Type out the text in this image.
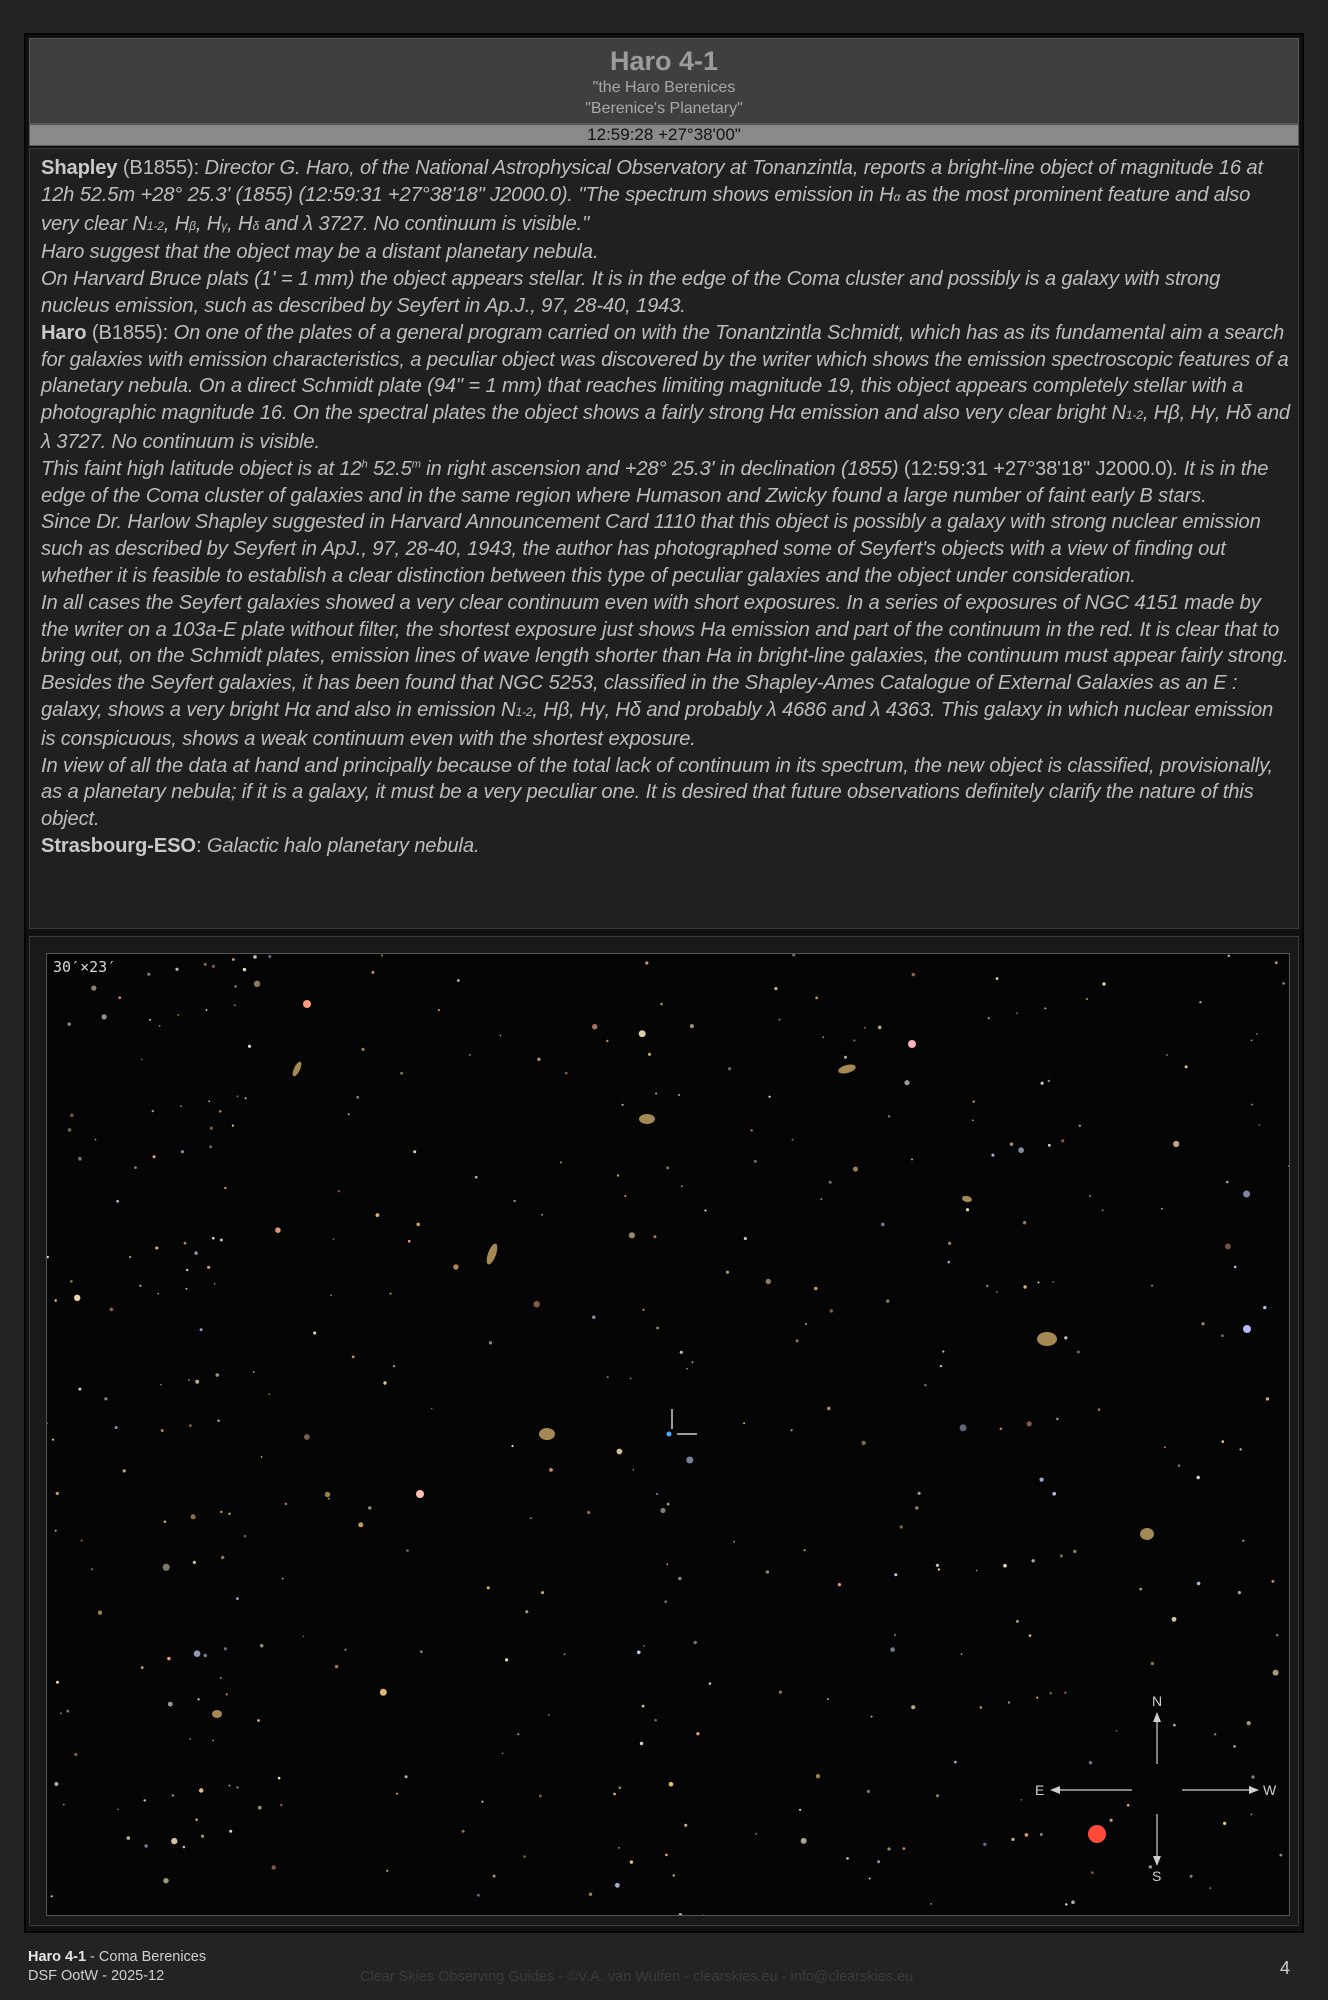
Haro 4-1
"the Haro Berenices
"Berenice's Planetary"
12:59:28 +27°38'00"

Shapley (B1855): Director G. Haro, of the National Astrophysical Observatory at Tonanzintla, reports a bright-line object of magnitude 16 at 12h 52.5m +28° 25.3' (1855) (12:59:31 +27°38'18" J2000.0). "The spectrum shows emission in Hα as the most prominent feature and also very clear N1-2, Hβ, Hγ, Hδ and λ 3727. No continuum is visible."

Haro suggest that the object may be a distant planetary nebula.

On Harvard Bruce plats (1' = 1 mm) the object appears stellar. It is in the edge of the Coma cluster and possibly is a galaxy with strong nucleus emission, such as described by Seyfert in Ap.J., 97, 28-40, 1943.

Haro (B1855): On one of the plates of a general program carried on with the Tonantzintla Schmidt, which has as its fundamental aim a search for galaxies with emission characteristics, a peculiar object was discovered by the writer which shows the emission spectroscopic features of a planetary nebula. On a direct Schmidt plate (94" = 1 mm) that reaches limiting magnitude 19, this object appears completely stellar with a photographic magnitude 16. On the spectral plates the object shows a fairly strong Hα emission and also very clear bright N1-2, Hβ, Hγ, Hδ and λ 3727. No continuum is visible.

This faint high latitude object is at 12$^h$ 52.5$^m$ in right ascension and +28° 25.3' in declination (1855) (12:59:31 +27°38'18" J2000.0). It is in the edge of the Coma cluster of galaxies and in the same region where Humason and Zwicky found a large number of faint early B stars.

Since Dr. Harlow Shapley suggested in Harvard Announcement Card 1110 that this object is possibly a galaxy with strong nuclear emission such as described by Seyfert in ApJ., 97, 28-40, 1943, the author has photographed some of Seyfert's objects with a view of finding out whether it is feasible to establish a clear distinction between this type of peculiar galaxies and the object under consideration.

In all cases the Seyfert galaxies showed a very clear continuum even with short exposures. In a series of exposures of NGC 4151 made by the writer on a 103a-E plate without filter, the shortest exposure just shows Ha emission and part of the continuum in the red. It is clear that to bring out, on the Schmidt plates, emission lines of wave length shorter than Ha in bright-line galaxies, the continuum must appear fairly strong. Besides the Seyfert galaxies, it has been found that NGC 5253, classified in the Shapley-Ames Catalogue of External Galaxies as an E : galaxy, shows a very bright Hα and also in emission N1-2, Hβ, Hγ, Hδ and probably λ 4686 and λ 4363. This galaxy in which nuclear emission is conspicuous, shows a weak continuum even with the shortest exposure.

In view of all the data at hand and principally because of the total lack of continuum in its spectrum, the new object is classified, provisionally, as a planetary nebula; if it is a galaxy, it must be a very peculiar one. It is desired that future observations definitely clarify the nature of this object.

Strasbourg-ESO: Galactic halo planetary nebula.

N
S
E	W
30′×23′
Haro 4-1 - Coma Berenices
DSF OotW - 2025-12	Clear Skies Observing Guides - ©V.A. van Wulfen - clearskies.eu - info@clearskies.eu	4
